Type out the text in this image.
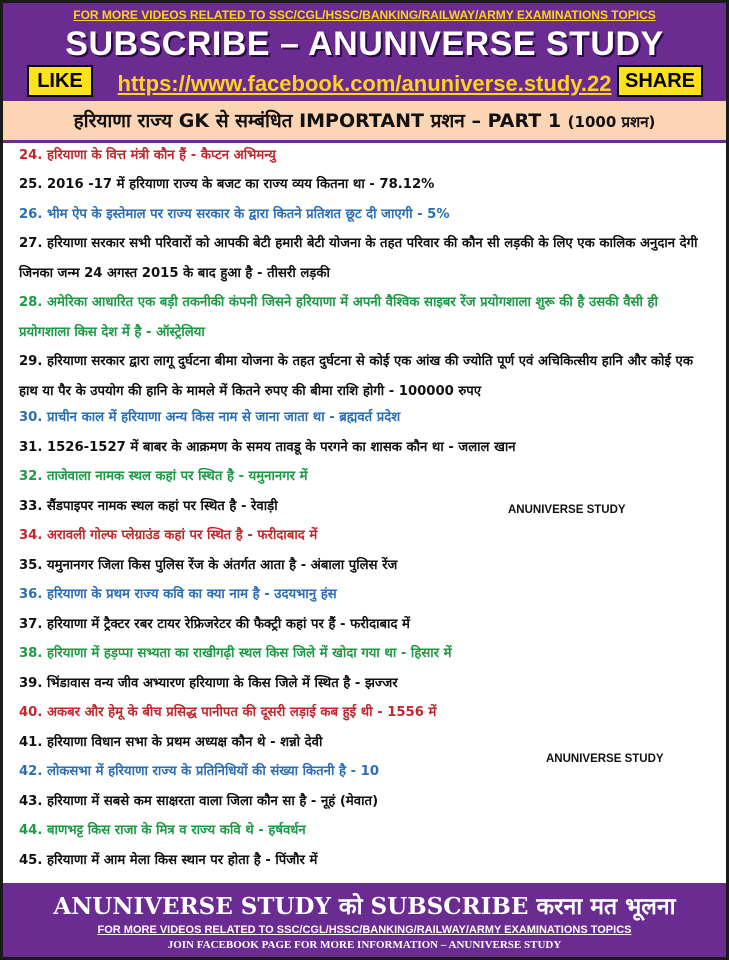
FOR MORE VIDEOS RELATED TO SSC/CGL/HSSC/BANKING/RAILWAY/ARMY EXAMINATIONS TOPICS
SUBSCRIBE – ANUNIVERSE STUDY
https://www.facebook.com/anuniverse.study.22
LIKE	SHARE
हरियाणा राज्य GK से सम्बंधित IMPORTANT प्रशन – PART 1 (1000 प्रशन)
24. हरियाणा के वित्त मंत्री कौन हैं - कैप्टन अभिमन्यु
25. 2016 -17 में हरियाणा राज्य के बजट का राज्य व्यय कितना था - 78.12%
26. भीम ऐप के इस्तेमाल पर राज्य सरकार के द्वारा कितने प्रतिशत छूट दी जाएगी - 5%
27. हरियाणा सरकार सभी परिवारों को आपकी बेटी हमारी बेटी योजना के तहत परिवार की कौन सी लड़की के लिए एक कालिक अनुदान देगी जिनका जन्म 24 अगस्त 2015 के बाद हुआ है - तीसरी लड़की
28. अमेरिका आधारित एक बड़ी तकनीकी कंपनी जिसने हरियाणा में अपनी वैश्विक साइबर रेंज प्रयोगशाला शुरू की है उसकी वैसी ही प्रयोगशाला किस देश में है - ऑस्ट्रेलिया
29. हरियाणा सरकार द्वारा लागू दुर्घटना बीमा योजना के तहत दुर्घटना से कोई एक आंख की ज्योति पूर्ण एवं अचिकित्सीय हानि और कोई एक हाथ या पैर के उपयोग की हानि के मामले में कितने रुपए की बीमा राशि होगी - 100000 रुपए
30. प्राचीन काल में हरियाणा अन्य किस नाम से जाना जाता था - ब्रह्मवर्त प्रदेश
31. 1526-1527 में बाबर के आक्रमण के समय तावडू के परगने का शासक कौन था - जलाल खान
32. ताजेवाला नामक स्थल कहां पर स्थित है - यमुनानगर में
33. सैंडपाइपर नामक स्थल कहां पर स्थित है - रेवाड़ी
34. अरावली गोल्फ प्लेग्राउंड कहां पर स्थित है - फरीदाबाद में
35. यमुनानगर जिला किस पुलिस रेंज के अंतर्गत आता है - अंबाला पुलिस रेंज
36. हरियाणा के प्रथम राज्य कवि का क्या नाम है - उदयभानु हंस
37. हरियाणा में ट्रैक्टर रबर टायर रेफ्रिजरेटर की फैक्ट्री कहां पर हैं - फरीदाबाद में
38. हरियाणा में हड़प्पा सभ्यता का राखीगढ़ी स्थल किस जिले में खोदा गया था - हिसार में
39. भिंडावास वन्य जीव अभ्यारण हरियाणा के किस जिले में स्थित है - झज्जर
40. अकबर और हेमू के बीच प्रसिद्ध पानीपत की दूसरी लड़ाई कब हुई थी - 1556 में
41. हरियाणा विधान सभा के प्रथम अध्यक्ष कौन थे - शन्नो देवी
42. लोकसभा में हरियाणा राज्य के प्रतिनिधियों की संख्या कितनी है - 10
43. हरियाणा में सबसे कम साक्षरता वाला जिला कौन सा है - नूहं (मेवात)
44. बाणभट्ट किस राजा के मित्र व राज्य कवि थे - हर्षवर्धन
45. हरियाणा में आम मेला किस स्थान पर होता है - पिंजौर में
ANUNIVERSE STUDY
ANUNIVERSE STUDY
ANUNIVERSE STUDY को SUBSCRIBE करना मत भूलना
FOR MORE VIDEOS RELATED TO SSC/CGL/HSSC/BANKING/RAILWAY/ARMY EXAMINATIONS TOPICS
JOIN FACEBOOK PAGE FOR MORE INFORMATION – ANUNIVERSE STUDY
